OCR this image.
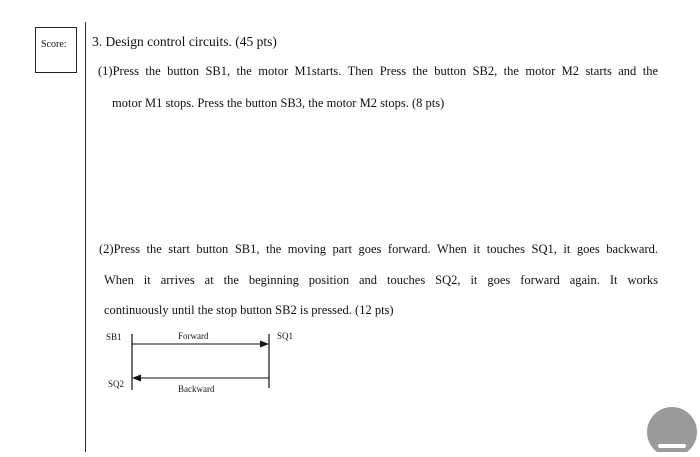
Score: 3. Design control circuits. (45 pts)
(1)Press the button SB1, the motor M1starts. Then Press the button SB2, the motor M2 starts and the
motor M1 stops. Press the button SB3, the motor M2 stops. (8 pts)
(2)Press the start button SB1, the moving part goes forward. When it touches SQ1, it goes backward.
When it arrives at the beginning position and touches SQ2, it goes forward again. It works
continuously until the stop button SB2 is pressed. (12 pts)
SB1	Forward	SQ1
SQ2	Backward
